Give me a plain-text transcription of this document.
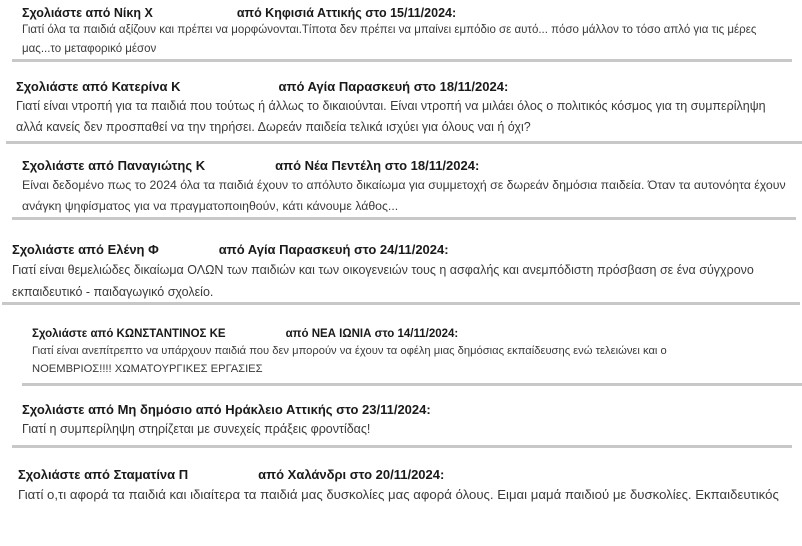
Σχολιάστε από Νίκη Χ	από Κηφισιά Αττικής στο 15/11/2024:
Γιατί όλα τα παιδιά αξίζουν και πρέπει να μορφώνονται.Τίποτα δεν πρέπει να μπαίνει εμπόδιο σε αυτό... πόσο μάλλον το τόσο απλό για τις μέρες μας...το μεταφορικό μέσον
Σχολιάστε από Κατερίνα Κ	από Αγία Παρασκευή στο 18/11/2024:
Γιατί είναι ντροπή για τα παιδιά που τούτως ή άλλως το δικαιούνται. Είναι ντροπή να μιλάει όλος ο πολιτικός κόσμος για τη συμπερίληψη αλλά κανείς δεν προσπαθεί να την τηρήσει. Δωρεάν παιδεία τελικά ισχύει για όλους ναι ή όχι?
Σχολιάστε από Παναγιώτης Κ	από Νέα Πεντέλη στο 18/11/2024:
Είναι δεδομένο πως το 2024 όλα τα παιδιά έχουν το απόλυτο δικαίωμα για συμμετοχή σε δωρεάν δημόσια παιδεία. Όταν τα αυτονόητα έχουν ανάγκη ψηφίσματος για να πραγματοποιηθούν, κάτι κάνουμε λάθος...
Σχολιάστε από Ελένη Φ	από Αγία Παρασκευή στο 24/11/2024:
Γιατί είναι θεμελιώδες δικαίωμα ΟΛΩΝ των παιδιών και των οικογενειών τους η ασφαλής και ανεμπόδιστη πρόσβαση σε ένα σύγχρονο εκπαιδευτικό - παιδαγωγικό σχολείο.
Σχολιάστε από ΚΩΝΣΤΑΝΤΙΝΟΣ ΚΕ	από ΝΕΑ ΙΩΝΙΑ στο 14/11/2024:
Γιατί είναι ανεπίτρεπτο να υπάρχουν παιδιά που δεν μπορούν να έχουν τα οφέλη μιας δημόσιας εκπαίδευσης ενώ τελειώνει και ο
ΝΟΕΜΒΡΙΟΣ!!!! ΧΩΜΑΤΟΥΡΓΙΚΕΣ ΕΡΓΑΣΙΕΣ
Σχολιάστε από Μη δημόσιο από Ηράκλειο Αττικής στο 23/11/2024:
Γιατί η συμπερίληψη στηρίζεται με συνεχείς πράξεις φροντίδας!
Σχολιάστε από Σταματίνα Π	από Χαλάνδρι στο 20/11/2024:
Γιατί ο,τι αφορά τα παιδιά και ιδιαίτερα τα παιδιά μας δυσκολίες μας αφορά όλους. Ειμαι μαμά παιδιού με δυσκολίες. Εκπαιδευτικός
